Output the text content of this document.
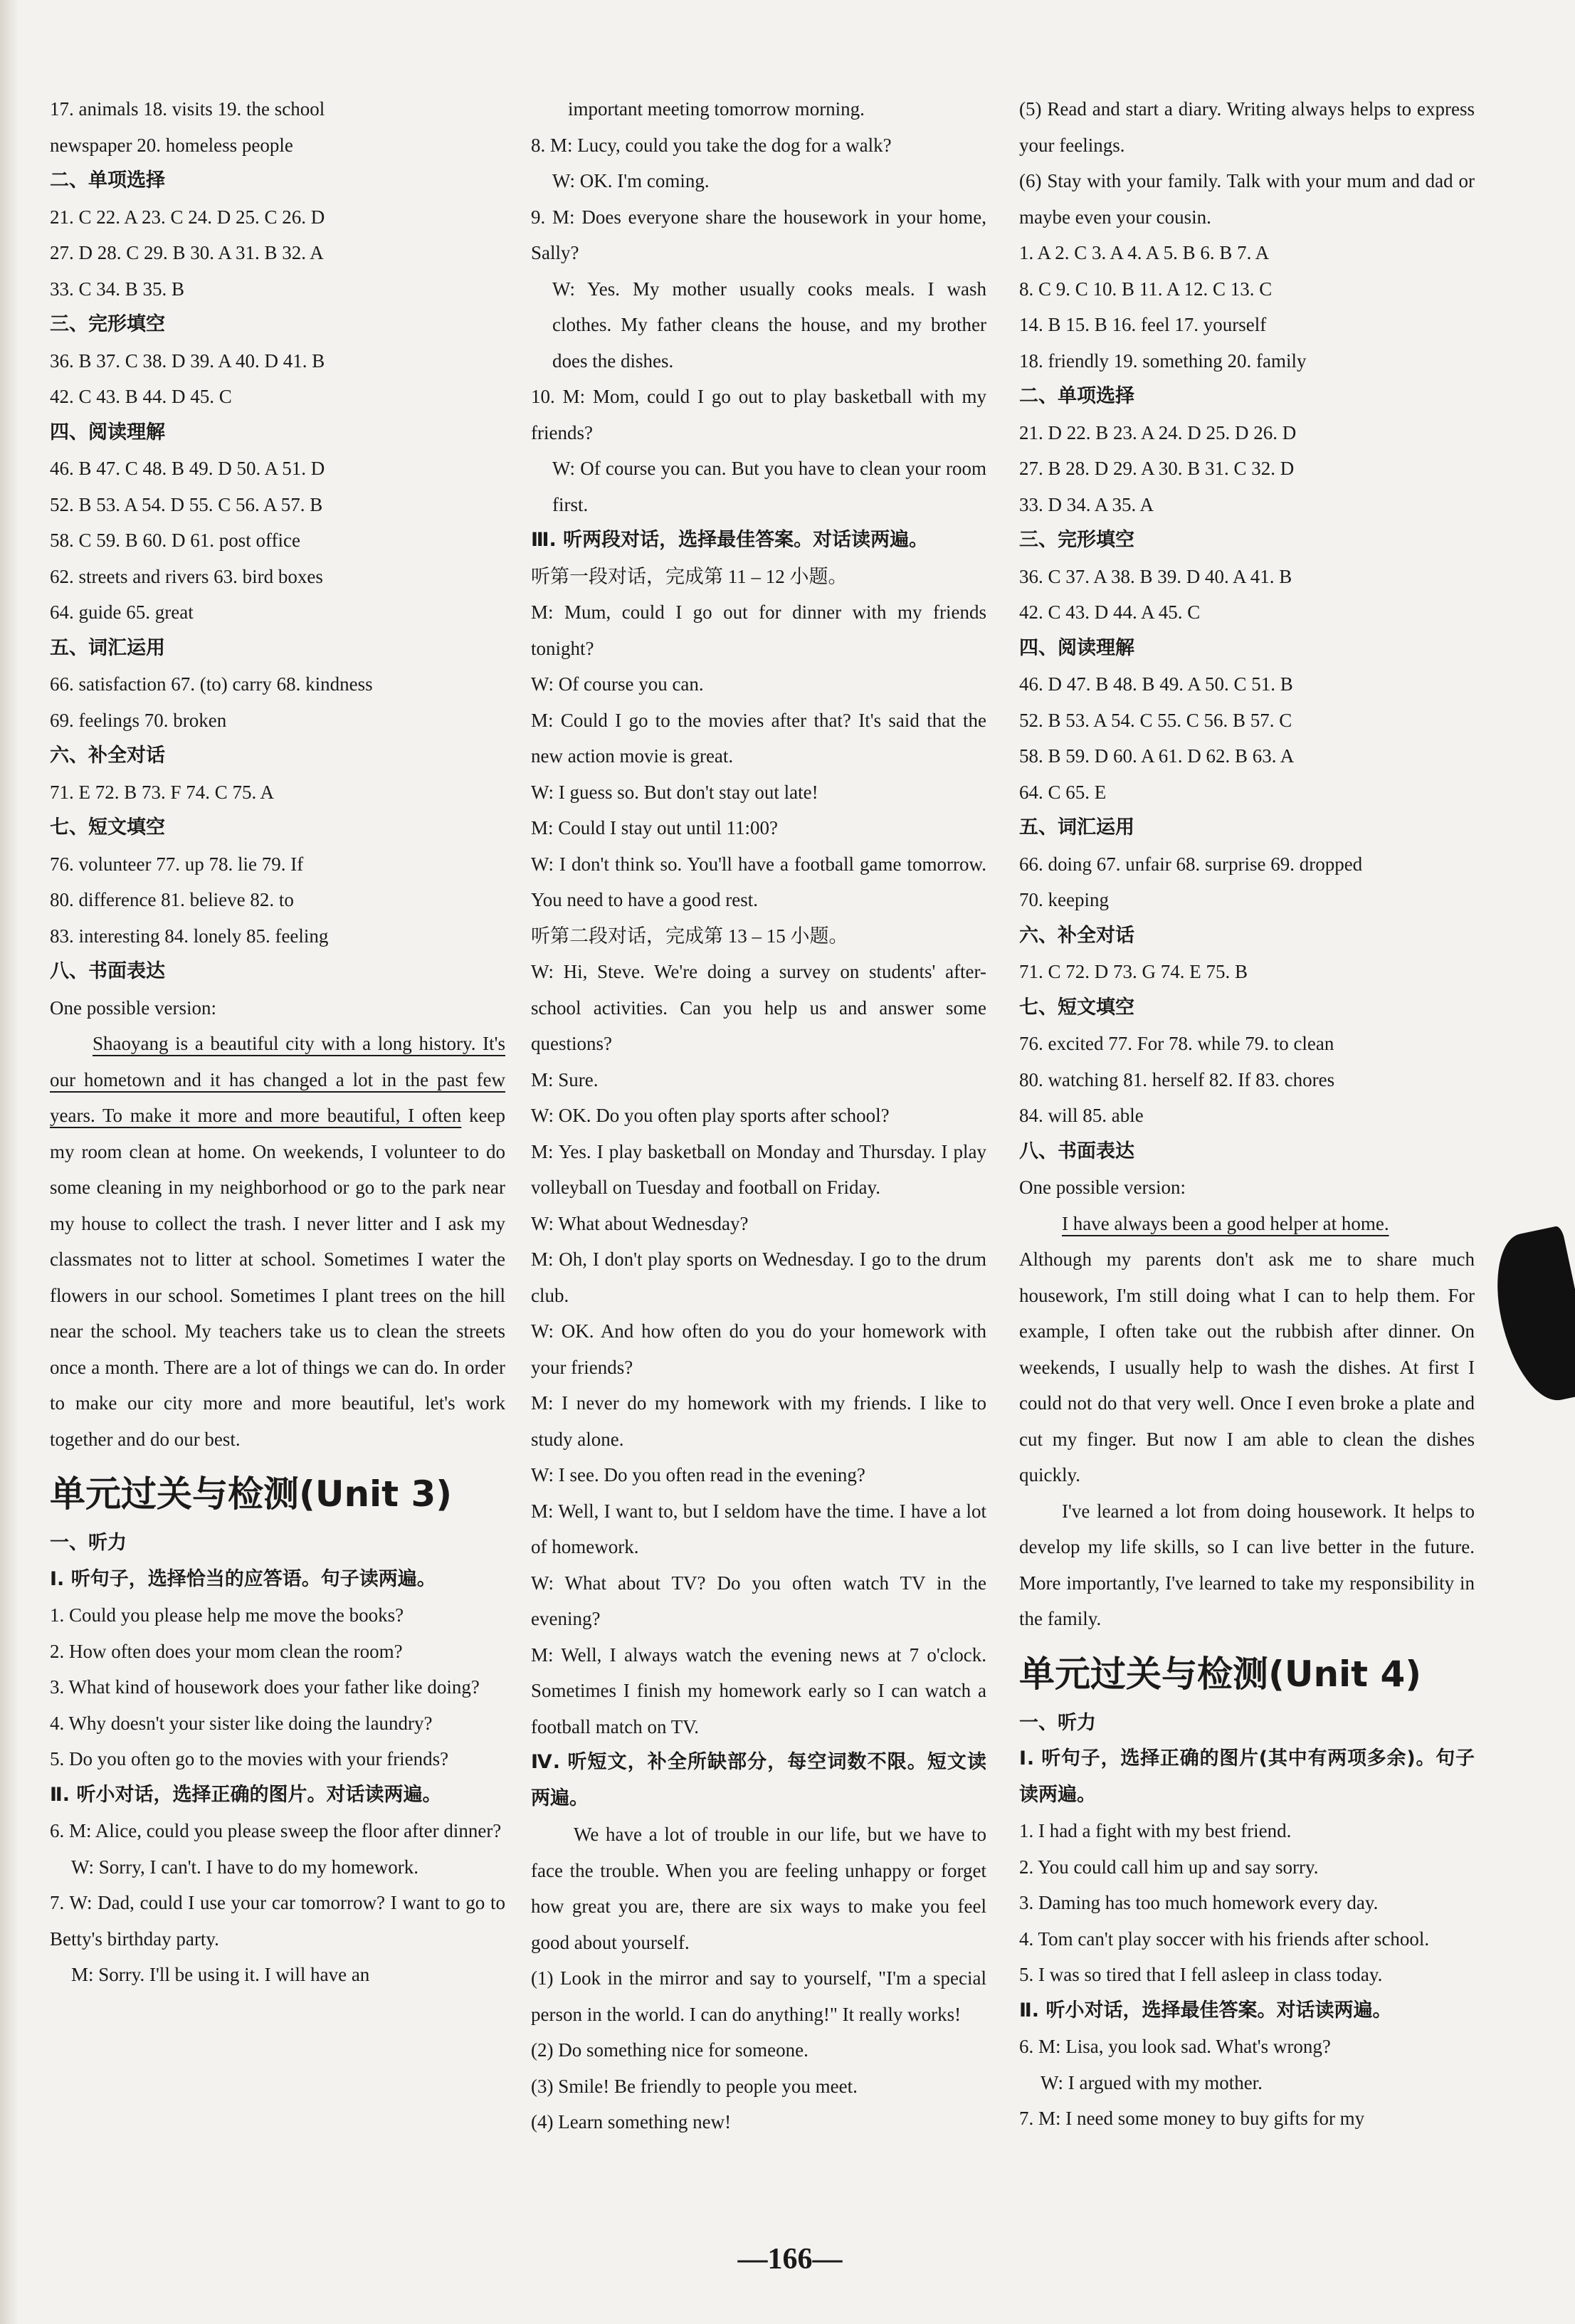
17. animals 18. visits 19. the school
newspaper 20. homeless people
二、单项选择
21. C 22. A 23. C 24. D 25. C 26. D
27. D 28. C 29. B 30. A 31. B 32. A
33. C 34. B 35. B
三、完形填空
36. B 37. C 38. D 39. A 40. D 41. B
42. C 43. B 44. D 45. C
四、阅读理解
46. B 47. C 48. B 49. D 50. A 51. D
52. B 53. A 54. D 55. C 56. A 57. B
58. C 59. B 60. D 61. post office
62. streets and rivers 63. bird boxes
64. guide 65. great
五、词汇运用
66. satisfaction 67. (to) carry 68. kindness
69. feelings 70. broken
六、补全对话
71. E 72. B 73. F 74. C 75. A
七、短文填空
76. volunteer 77. up 78. lie 79. If
80. difference 81. believe 82. to
83. interesting 84. lonely 85. feeling
八、书面表达
One possible version:

Shaoyang is a beautiful city with a long history. It's our hometown and it has changed a lot in the past few years. To make it more and more beautiful, I often keep my room clean at home. On weekends, I volunteer to do some cleaning in my neighborhood or go to the park near my house to collect the trash. I never litter and I ask my classmates not to litter at school. Sometimes I water the flowers in our school. Sometimes I plant trees on the hill near the school. My teachers take us to clean the streets once a month. There are a lot of things we can do. In order to make our city more and more beautiful, let's work together and do our best.

单元过关与检测(Unit 3)
一、听力

Ⅰ. 听句子，选择恰当的应答语。句子读两遍。

1. Could you please help me move the books?
2. How often does your mom clean the room?

3. What kind of housework does your father like doing?

4. Why doesn't your sister like doing the laundry?

5. Do you often go to the movies with your friends?
Ⅱ. 听小对话，选择正确的图片。对话读两遍。

6. M: Alice, could you please sweep the floor after dinner?

W: Sorry, I can't. I have to do my homework.

7. W: Dad, could I use your car tomorrow? I want to go to Betty's birthday party.

M: Sorry. I'll be using it. I will have an
important meeting tomorrow morning.
8. M: Lucy, could you take the dog for a walk?
W: OK. I'm coming.

9. M: Does everyone share the housework in your home, Sally?

W: Yes. My mother usually cooks meals. I wash clothes. My father cleans the house, and my brother does the dishes.

10. M: Mom, could I go out to play basketball with my friends?

W: Of course you can. But you have to clean your room first.

Ⅲ. 听两段对话，选择最佳答案。对话读两遍。

听第一段对话，完成第 11 – 12 小题。

M: Mum, could I go out for dinner with my friends tonight?

W: Of course you can.

M: Could I go to the movies after that? It's said that the new action movie is great.

W: I guess so. But don't stay out late!
M: Could I stay out until 11:00?

W: I don't think so. You'll have a football game tomorrow. You need to have a good rest.

听第二段对话，完成第 13 – 15 小题。

W: Hi, Steve. We're doing a survey on students' after-school activities. Can you help us and answer some questions?

M: Sure.
W: OK. Do you often play sports after school?

M: Yes. I play basketball on Monday and Thursday. I play volleyball on Tuesday and football on Friday.

W: What about Wednesday?

M: Oh, I don't play sports on Wednesday. I go to the drum club.

W: OK. And how often do you do your homework with your friends?

M: I never do my homework with my friends. I like to study alone.

W: I see. Do you often read in the evening?

M: Well, I want to, but I seldom have the time. I have a lot of homework.

W: What about TV? Do you often watch TV in the evening?

M: Well, I always watch the evening news at 7 o'clock. Sometimes I finish my homework early so I can watch a football match on TV.

Ⅳ. 听短文，补全所缺部分，每空词数不限。短文读两遍。

We have a lot of trouble in our life, but we have to face the trouble. When you are feeling unhappy or forget how great you are, there are six ways to make you feel good about yourself.

(1) Look in the mirror and say to yourself, "I'm a special person in the world. I can do anything!" It really works!

(2) Do something nice for someone.
(3) Smile! Be friendly to people you meet.
(4) Learn something new!

(5) Read and start a diary. Writing always helps to express your feelings.

(6) Stay with your family. Talk with your mum and dad or maybe even your cousin.

1. A 2. C 3. A 4. A 5. B 6. B 7. A
8. C 9. C 10. B 11. A 12. C 13. C
14. B 15. B 16. feel 17. yourself
18. friendly 19. something 20. family
二、单项选择
21. D 22. B 23. A 24. D 25. D 26. D
27. B 28. D 29. A 30. B 31. C 32. D
33. D 34. A 35. A
三、完形填空
36. C 37. A 38. B 39. D 40. A 41. B
42. C 43. D 44. A 45. C
四、阅读理解
46. D 47. B 48. B 49. A 50. C 51. B
52. B 53. A 54. C 55. C 56. B 57. C
58. B 59. D 60. A 61. D 62. B 63. A
64. C 65. E
五、词汇运用
66. doing 67. unfair 68. surprise 69. dropped
70. keeping
六、补全对话
71. C 72. D 73. G 74. E 75. B
七、短文填空
76. excited 77. For 78. while 79. to clean
80. watching 81. herself 82. If 83. chores
84. will 85. able
八、书面表达
One possible version:
I have always been a good helper at home.

Although my parents don't ask me to share much housework, I'm still doing what I can to help them. For example, I often take out the rubbish after dinner. On weekends, I usually help to wash the dishes. At first I could not do that very well. Once I even broke a plate and cut my finger. But now I am able to clean the dishes quickly.

I've learned a lot from doing housework. It helps to develop my life skills, so I can live better in the future. More importantly, I've learned to take my responsibility in the family.

单元过关与检测(Unit 4)
一、听力

Ⅰ. 听句子，选择正确的图片(其中有两项多余)。句子读两遍。

1. I had a fight with my best friend.
2. You could call him up and say sorry.
3. Daming has too much homework every day.

4. Tom can't play soccer with his friends after school.

5. I was so tired that I fell asleep in class today.
Ⅱ. 听小对话，选择最佳答案。对话读两遍。
6. M: Lisa, you look sad. What's wrong?
W: I argued with my mother.
7. M: I need some money to buy gifts for my
—166—
